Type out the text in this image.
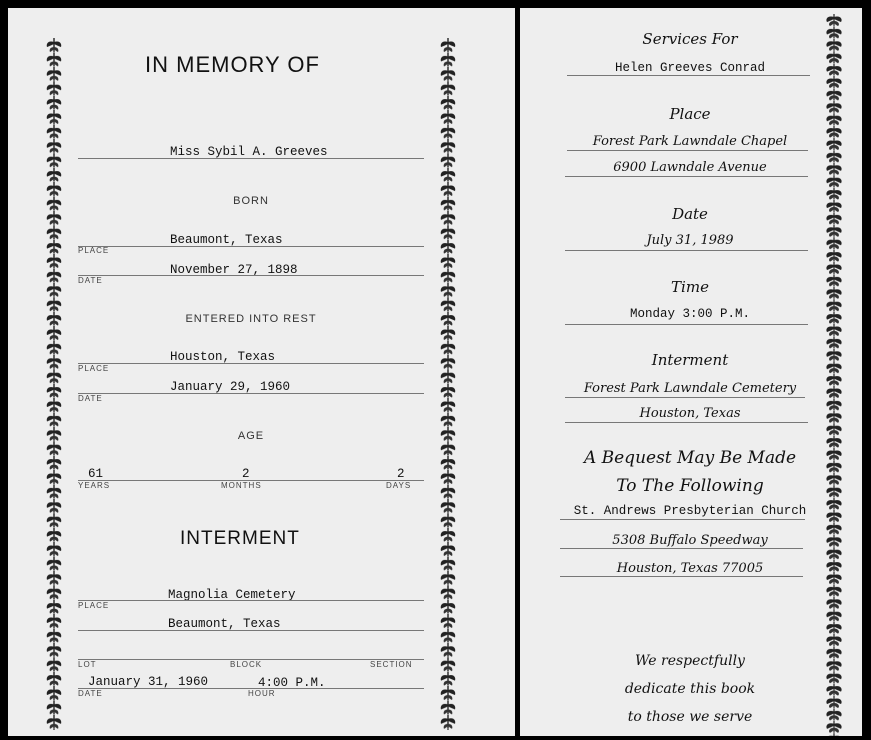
IN MEMORY OF
Miss Sybil A. Greeves
BORN
Beaumont, Texas
PLACE
November 27, 1898
DATE
ENTERED INTO REST
Houston, Texas
PLACE
January 29, 1960
DATE
AGE
61	2	2
YEARS	MONTHS	DAYS
INTERMENT
Magnolia Cemetery
PLACE
Beaumont, Texas
LOT	BLOCK	SECTION
January 31, 1960	4:00 P.M.
DATE	HOUR
Services For
Helen Greeves Conrad
Place
Forest Park Lawndale Chapel
6900 Lawndale Avenue
Date
July 31, 1989
Time
Monday 3:00 P.M.
Interment
Forest Park Lawndale Cemetery
Houston, Texas
A Bequest May Be Made
To The Following
St. Andrews Presbyterian Church
5308 Buffalo Speedway
Houston, Texas 77005
We respectfully
dedicate this book
to those we serve
